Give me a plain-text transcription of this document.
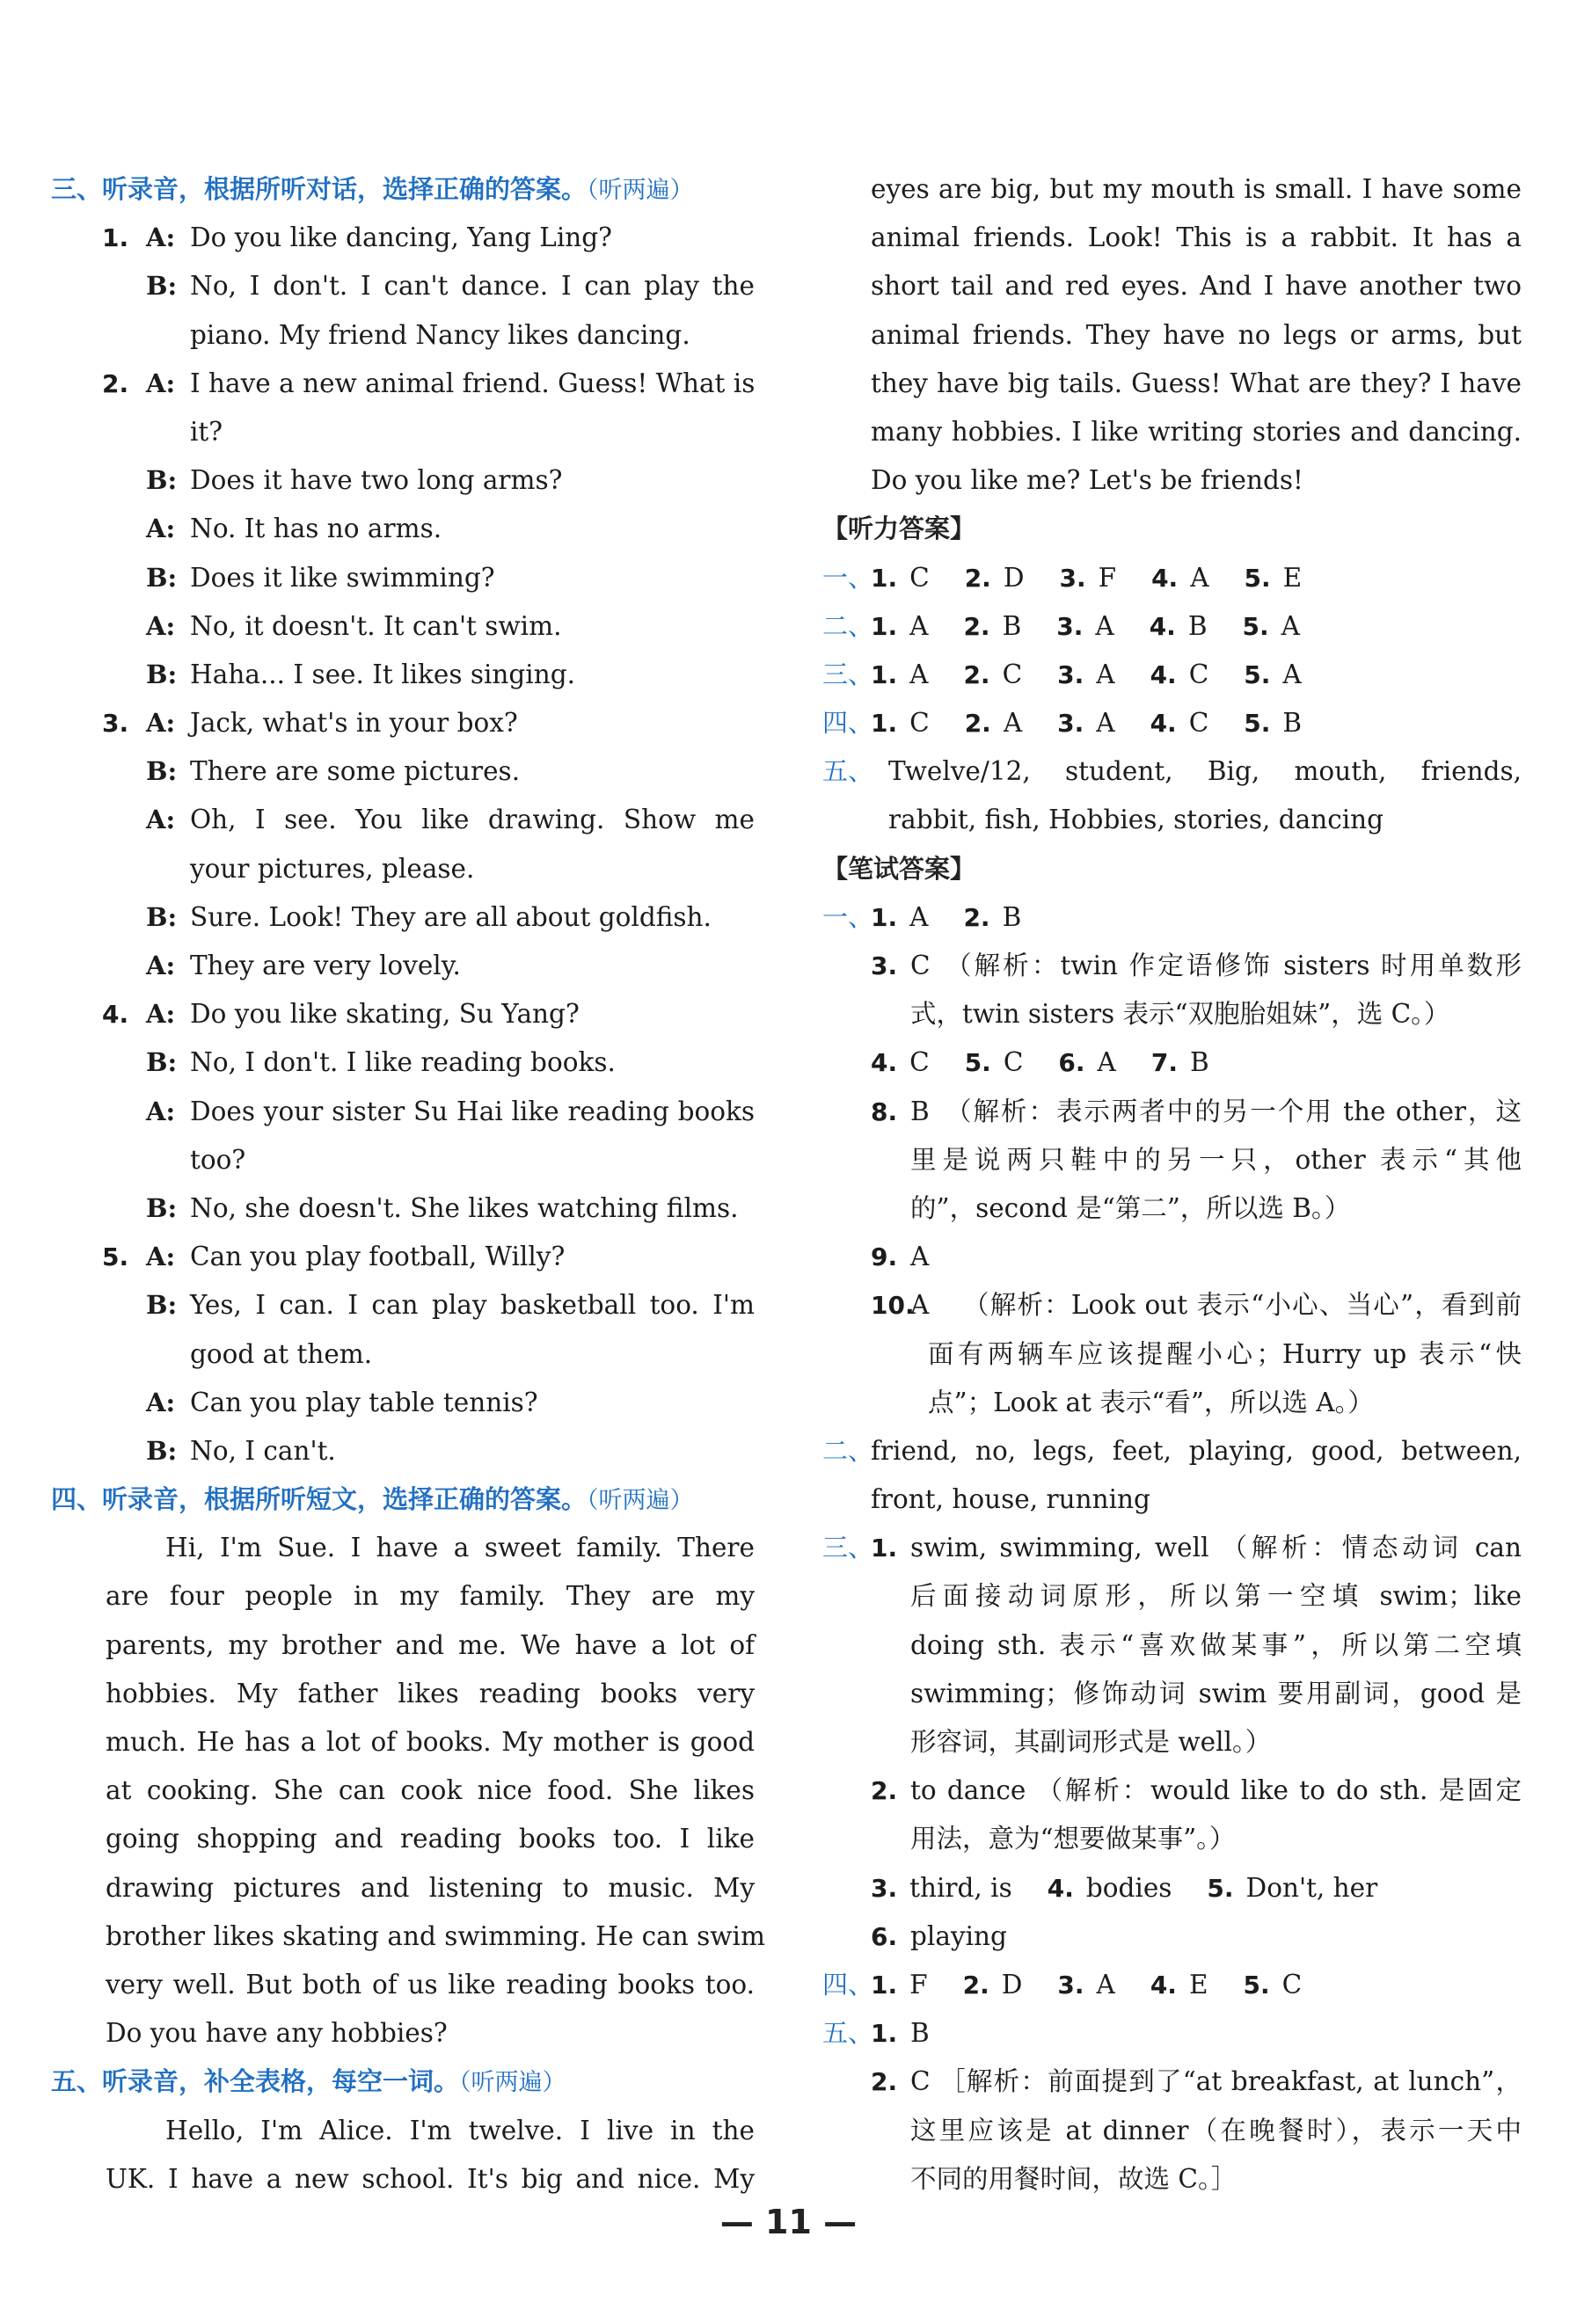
三、听录音，根据所听对话，选择正确的答案。（听两遍）
1. A: Do you like dancing, Yang Ling?
B: No, I don't. I can't dance. I can play the
piano. My friend Nancy likes dancing.
2. A: I have a new animal friend. Guess! What is
it?
B: Does it have two long arms?
A: No. It has no arms.
B: Does it like swimming?
A: No, it doesn't. It can't swim.
B: Haha... I see. It likes singing.
3. A: Jack, what's in your box?
B: There are some pictures.
A: Oh, I see. You like drawing. Show me
your pictures, please.
B: Sure. Look! They are all about goldfish.
A: They are very lovely.
4. A: Do you like skating, Su Yang?
B: No, I don't. I like reading books.
A: Does your sister Su Hai like reading books
too?
B: No, she doesn't. She likes watching films.
5. A: Can you play football, Willy?
B: Yes, I can. I can play basketball too. I'm
good at them.
A: Can you play table tennis?
B: No, I can't.
四、听录音，根据所听短文，选择正确的答案。（听两遍）
Hi, I'm Sue. I have a sweet family. There
are four people in my family. They are my
parents, my brother and me. We have a lot of
hobbies. My father likes reading books very
much. He has a lot of books. My mother is good
at cooking. She can cook nice food. She likes
going shopping and reading books too. I like
drawing pictures and listening to music. My
brother likes skating and swimming. He can swim
very well. But both of us like reading books too.
Do you have any hobbies?
五、听录音，补全表格，每空一词。（听两遍）
Hello, I'm Alice. I'm twelve. I live in the
UK. I have a new school. It's big and nice. My
eyes are big, but my mouth is small. I have some
animal friends. Look! This is a rabbit. It has a
short tail and red eyes. And I have another two
animal friends. They have no legs or arms, but
they have big tails. Guess! What are they? I have
many hobbies. I like writing stories and dancing.
Do you like me? Let's be friends!
【听力答案】
一、
1. C 2. D 3. F 4. A 5. E
二、
1. A 2. B 3. A 4. B 5. A
三、
1. A 2. C 3. A 4. C 5. A
四、
1. C 2. A 3. A 4. C 5. B
五、 Twelve/12, student, Big, mouth, friends,
rabbit, fish, Hobbies, stories, dancing
【笔试答案】
一、
1. A 2. B
3. C （解析：twin 作定语修饰 sisters 时用单数形
式，twin sisters 表示“双胞胎姐妹”，选 C。）
4. C 5. C 6. A 7. B
8. B （解析：表示两者中的另一个用 the other，这
里是说两只鞋中的另一只，other 表示“其他
的”，second 是“第二”，所以选 B。）
9. A
10.
A （解析：Look out 表示“小心、当心”，看到前
面有两辆车应该提醒小心；Hurry up 表示“快
点”；Look at 表示“看”，所以选 A。）
二、
friend, no, legs, feet, playing, good, between,
front, house, running
三、
1. swim, swimming, well （解析：情态动词 can
后面接动词原形，所以第一空填 swim；like
doing sth. 表示“喜欢做某事”，所以第二空填
swimming；修饰动词 swim 要用副词，good 是
形容词，其副词形式是 well。）
2. to dance （解析：would like to do sth. 是固定
用法，意为“想要做某事”。）
3. third, is 4. bodies 5. Don't, her
6. playing
四、
1. F 2. D 3. A 4. E 5. C
五、
1. B
2. C ［解析：前面提到了“at breakfast, at lunch”，
这里应该是 at dinner（在晚餐时），表示一天中
不同的用餐时间，故选 C。］
— 11 —
